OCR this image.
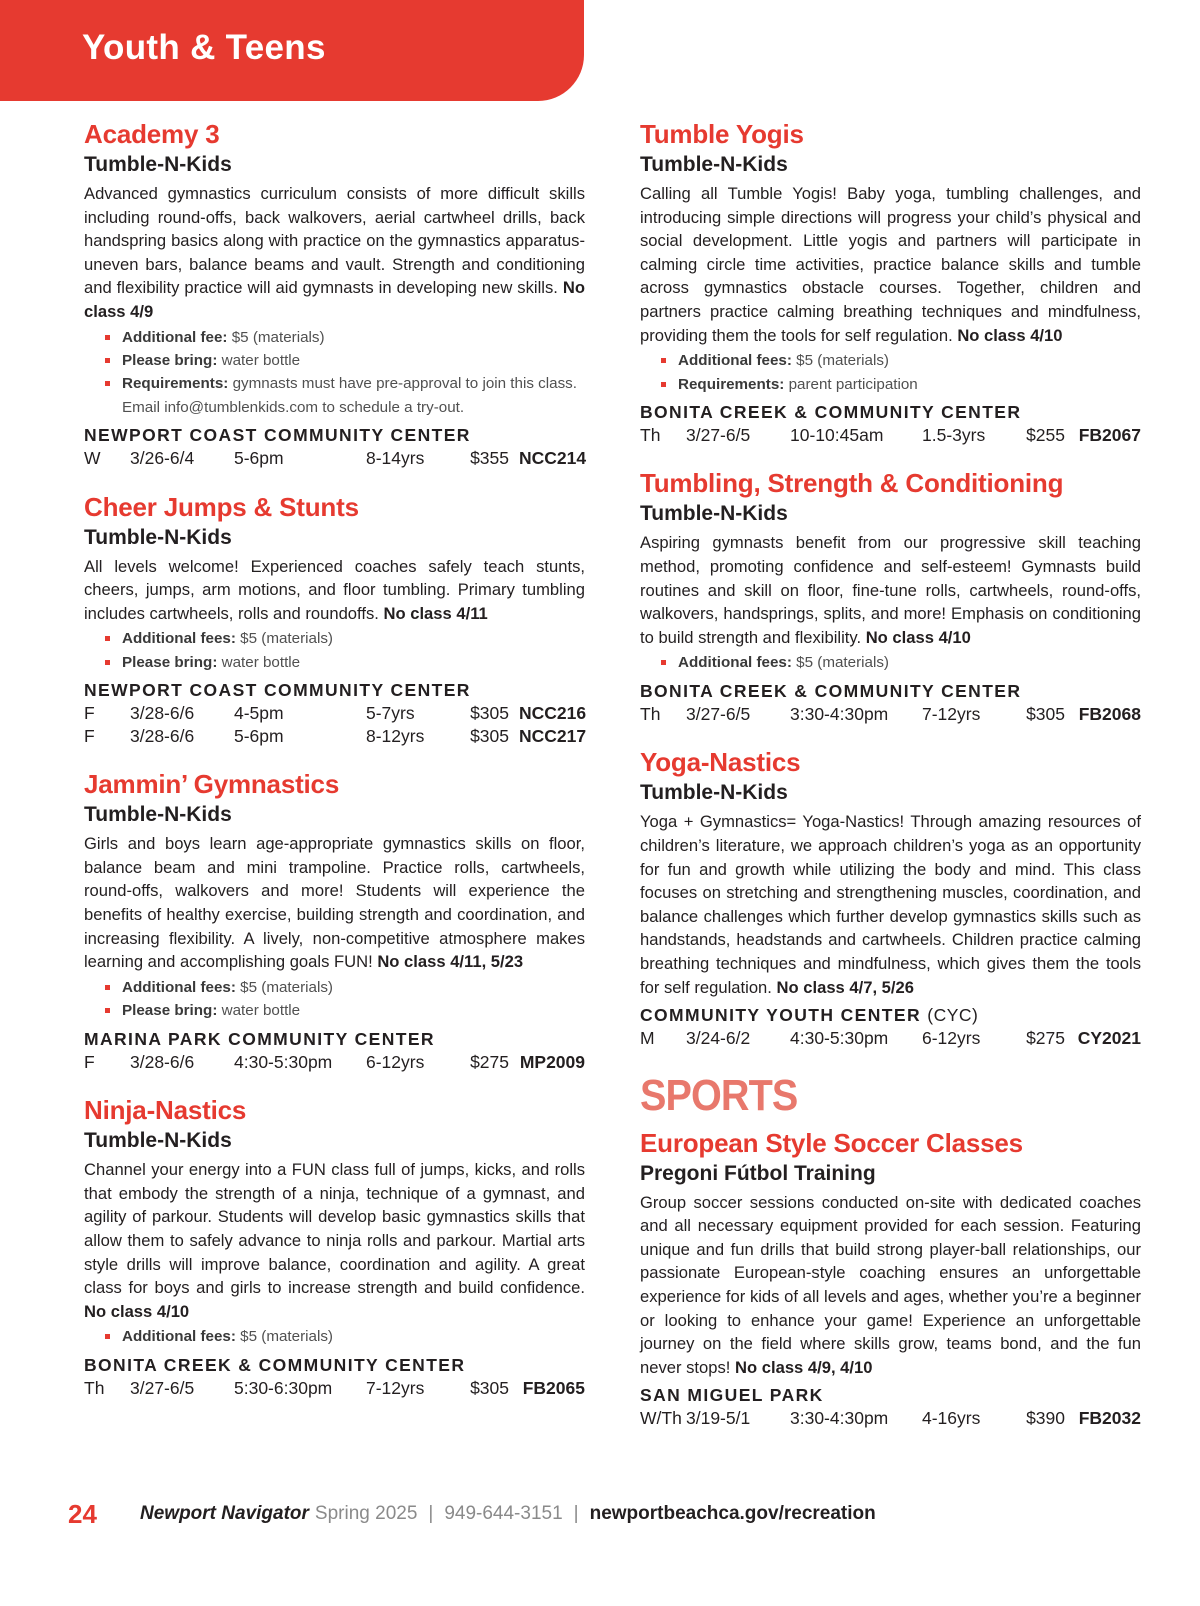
Youth & Teens
Academy 3
Tumble-N-Kids

Advanced gymnastics curriculum consists of more difficult skills including round-offs, back walkovers, aerial cartwheel drills, back handspring basics along with practice on the gymnastics apparatus-uneven bars, balance beams and vault. Strength and conditioning and flexibility practice will aid gymnasts in developing new skills. No class 4/9

Additional fee: $5 (materials)
Please bring: water bottle
Requirements: gymnasts must have pre-approval to join this class. Email info@tumblenkids.com to schedule a try-out.
NEWPORT COAST COMMUNITY CENTER
W	3/26-6/4	5-6pm	8-14yrs	$355 NCC214
Cheer Jumps & Stunts
Tumble-N-Kids

All levels welcome! Experienced coaches safely teach stunts, cheers, jumps, arm motions, and floor tumbling. Primary tumbling includes cartwheels, rolls and roundoffs. No class 4/11

Additional fees: $5 (materials)
Please bring: water bottle
NEWPORT COAST COMMUNITY CENTER
F	3/28-6/6	4-5pm	5-7yrs	$305 NCC216
F	3/28-6/6	5-6pm	8-12yrs	$305 NCC217
Jammin’ Gymnastics
Tumble-N-Kids

Girls and boys learn age-appropriate gymnastics skills on floor, balance beam and mini trampoline. Practice rolls, cartwheels, round-offs, walkovers and more! Students will experience the benefits of healthy exercise, building strength and coordination, and increasing flexibility. A lively, non-competitive atmosphere makes learning and accomplishing goals FUN! No class 4/11, 5/23

Additional fees: $5 (materials)
Please bring: water bottle
MARINA PARK COMMUNITY CENTER
F	3/28-6/6	4:30-5:30pm	6-12yrs	$275 MP2009
Ninja-Nastics
Tumble-N-Kids

Channel your energy into a FUN class full of jumps, kicks, and rolls that embody the strength of a ninja, technique of a gymnast, and agility of parkour. Students will develop basic gymnastics skills that allow them to safely advance to ninja rolls and parkour. Martial arts style drills will improve balance, coordination and agility. A great class for boys and girls to increase strength and build confidence. No class 4/10

Additional fees: $5 (materials)
BONITA CREEK & COMMUNITY CENTER
Th	3/27-6/5	5:30-6:30pm	7-12yrs	$305 FB2065
Tumble Yogis
Tumble-N-Kids

Calling all Tumble Yogis! Baby yoga, tumbling challenges, and introducing simple directions will progress your child’s physical and social development. Little yogis and partners will participate in calming circle time activities, practice balance skills and tumble across gymnastics obstacle courses. Together, children and partners practice calming breathing techniques and mindfulness, providing them the tools for self regulation. No class 4/10

Additional fees: $5 (materials)
Requirements: parent participation
BONITA CREEK & COMMUNITY CENTER
Th	3/27-6/5	10-10:45am	1.5-3yrs $255 FB2067
Tumbling, Strength & Conditioning
Tumble-N-Kids

Aspiring gymnasts benefit from our progressive skill teaching method, promoting confidence and self-esteem! Gymnasts build routines and skill on floor, fine-tune rolls, cartwheels, round-offs, walkovers, handsprings, splits, and more! Emphasis on conditioning to build strength and flexibility. No class 4/10

Additional fees: $5 (materials)
BONITA CREEK & COMMUNITY CENTER
Th	3/27-6/5	3:30-4:30pm	7-12yrs	$305 FB2068
Yoga-Nastics
Tumble-N-Kids

Yoga + Gymnastics= Yoga-Nastics! Through amazing resources of children’s literature, we approach children’s yoga as an opportunity for fun and growth while utilizing the body and mind. This class focuses on stretching and strengthening muscles, coordination, and balance challenges which further develop gymnastics skills such as handstands, headstands and cartwheels. Children practice calming breathing techniques and mindfulness, which gives them the tools for self regulation. No class 4/7, 5/26

COMMUNITY YOUTH CENTER (CYC)
M	3/24-6/2	4:30-5:30pm	6-12yrs	$275 CY2021
SPORTS
European Style Soccer Classes
Pregoni Fútbol Training

Group soccer sessions conducted on-site with dedicated coaches and all necessary equipment provided for each session. Featuring unique and fun drills that build strong player-ball relationships, our passionate European-style coaching ensures an unforgettable experience for kids of all levels and ages, whether you’re a beginner or looking to enhance your game! Experience an unforgettable journey on the field where skills grow, teams bond, and the fun never stops! No class 4/9, 4/10

SAN MIGUEL PARK
W/Th 3/19-5/1	3:30-4:30pm	4-16yrs	$390 FB2032
24	Newport Navigator Spring 2025 | 949-644-3151 | newportbeachca.gov/recreation
